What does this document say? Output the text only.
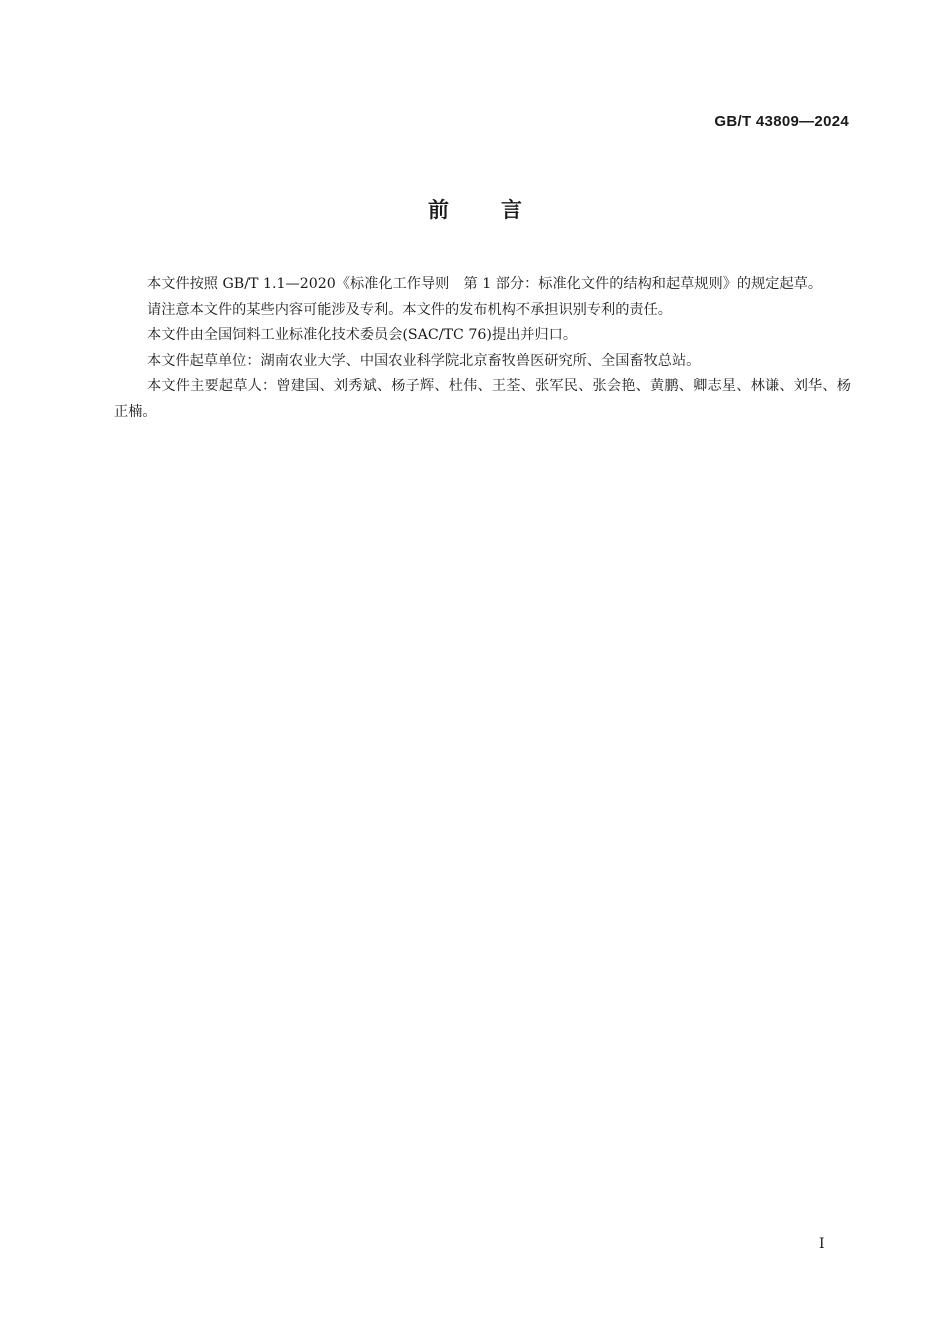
GB/T 43809—2024
前 言

本文件按照 GB/T 1.1—2020《标准化工作导则　第 1 部分：标准化文件的结构和起草规则》的规定起草。

请注意本文件的某些内容可能涉及专利。本文件的发布机构不承担识别专利的责任。

本文件由全国饲料工业标准化技术委员会(SAC/TC 76)提出并归口。

本文件起草单位：湖南农业大学、中国农业科学院北京畜牧兽医研究所、全国畜牧总站。

本文件主要起草人：曾建国、刘秀斌、杨子辉、杜伟、王荃、张军民、张会艳、黄鹏、卿志星、林谦、刘华、杨正楠。

I
